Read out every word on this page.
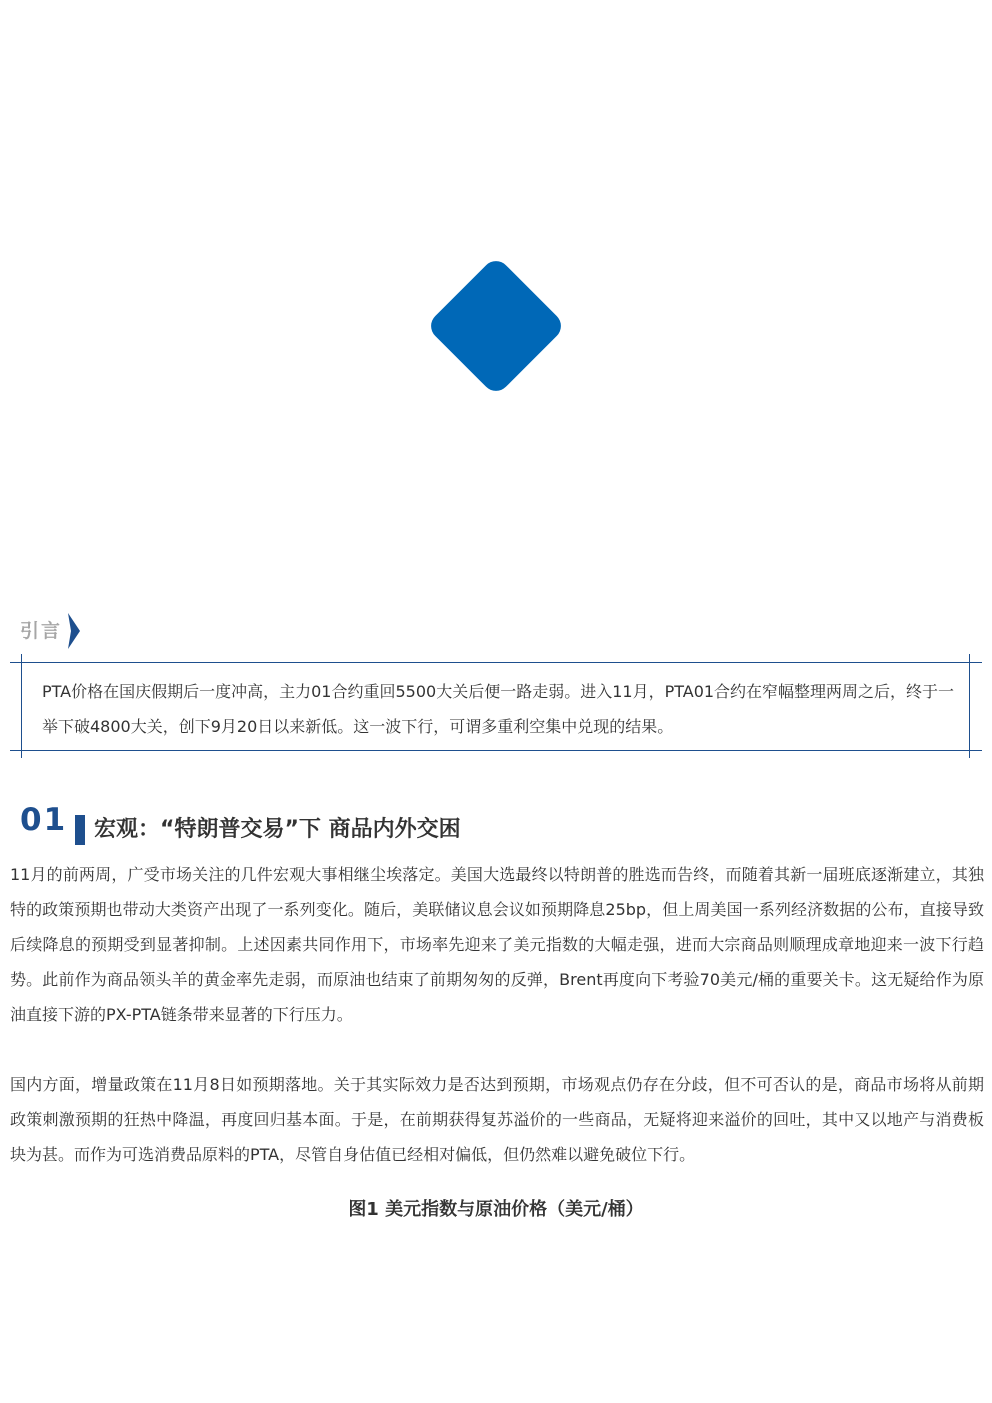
引言
PTA价格在国庆假期后一度冲高，主力01合约重回5500大关后便一路走弱。进入11月，PTA01合约在窄幅整理两周之后，终于一举下破4800大关，创下9月20日以来新低。这一波下行，可谓多重利空集中兑现的结果。
01 宏观：“特朗普交易”下 商品内外交困

11月的前两周，广受市场关注的几件宏观大事相继尘埃落定。美国大选最终以特朗普的胜选而告终，而随着其新一届班底逐渐建立，其独特的政策预期也带动大类资产出现了一系列变化。随后，美联储议息会议如预期降息25bp，但上周美国一系列经济数据的公布，直接导致后续降息的预期受到显著抑制。上述因素共同作用下，市场率先迎来了美元指数的大幅走强，进而大宗商品则顺理成章地迎来一波下行趋势。此前作为商品领头羊的黄金率先走弱，而原油也结束了前期匆匆的反弹，Brent再度向下考验70美元/桶的重要关卡。这无疑给作为原油直接下游的PX-PTA链条带来显著的下行压力。

国内方面，增量政策在11月8日如预期落地。关于其实际效力是否达到预期，市场观点仍存在分歧，但不可否认的是，商品市场将从前期政策刺激预期的狂热中降温，再度回归基本面。于是，在前期获得复苏溢价的一些商品，无疑将迎来溢价的回吐，其中又以地产与消费板块为甚。而作为可选消费品原料的PTA，尽管自身估值已经相对偏低，但仍然难以避免破位下行。

图1 美元指数与原油价格（美元/桶）
